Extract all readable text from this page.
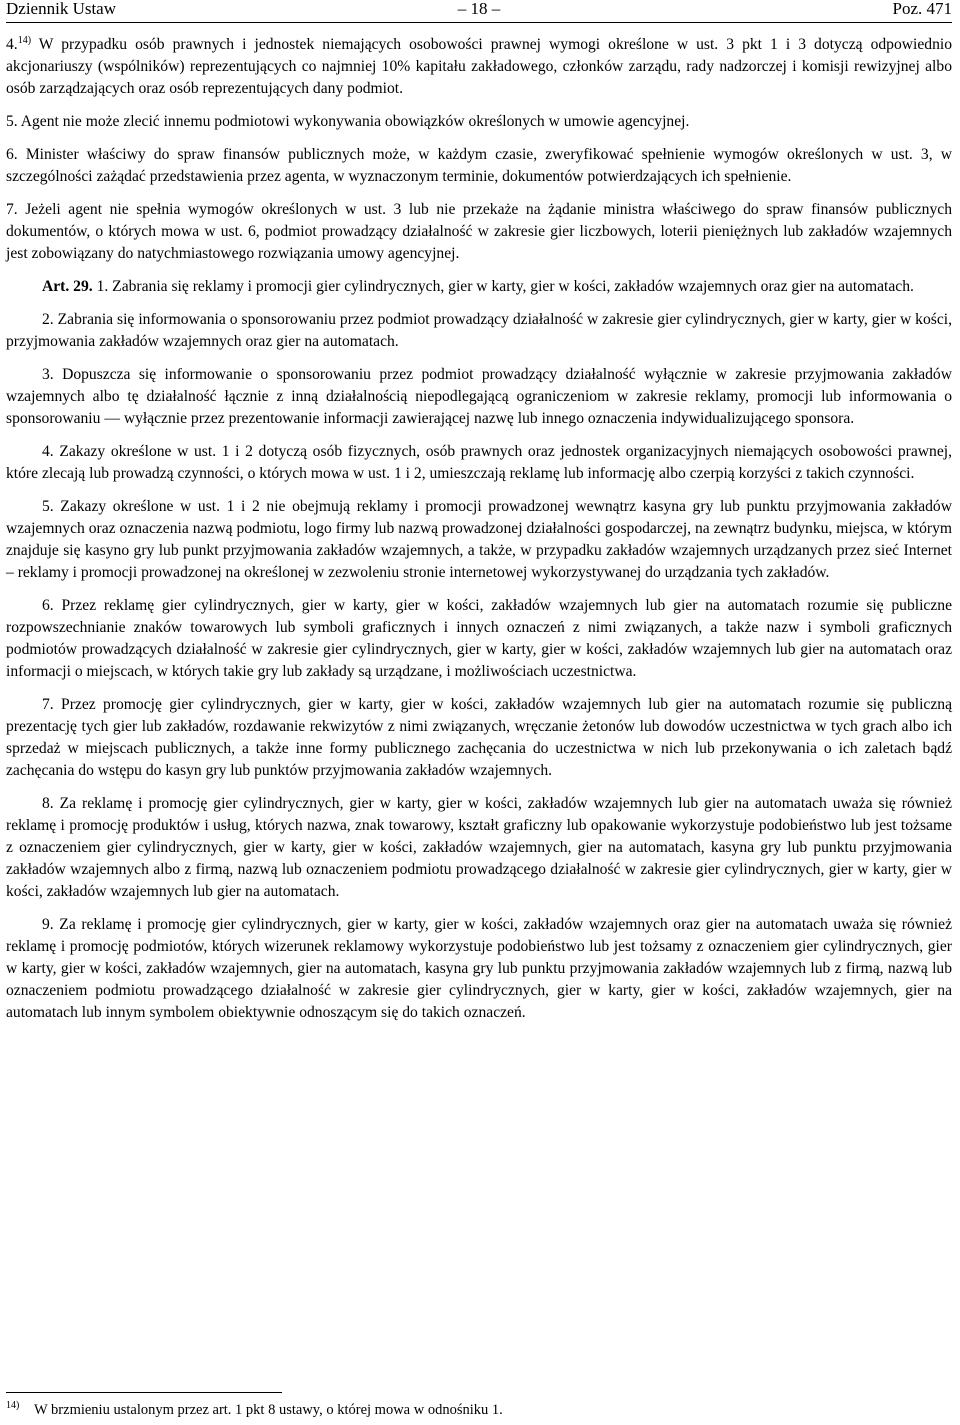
Dziennik Ustaw	– 18 –	Poz. 471

4.$^{14)}$ W przypadku osób prawnych i jednostek niemających osobowości prawnej wymogi określone w ust. 3 pkt 1 i 3 dotyczą odpowiednio akcjonariuszy (wspólników) reprezentujących co najmniej 10% kapitału zakładowego, członków zarządu, rady nadzorczej i komisji rewizyjnej albo osób zarządzających oraz osób reprezentujących dany podmiot.

5. Agent nie może zlecić innemu podmiotowi wykonywania obowiązków określonych w umowie agencyjnej.

6. Minister właściwy do spraw finansów publicznych może, w każdym czasie, zweryfikować spełnienie wymogów określonych w ust. 3, w szczególności zażądać przedstawienia przez agenta, w wyznaczonym terminie, dokumentów potwierdzających ich spełnienie.

7. Jeżeli agent nie spełnia wymogów określonych w ust. 3 lub nie przekaże na żądanie ministra właściwego do spraw finansów publicznych dokumentów, o których mowa w ust. 6, podmiot prowadzący działalność w zakresie gier liczbowych, loterii pieniężnych lub zakładów wzajemnych jest zobowiązany do natychmiastowego rozwiązania umowy agencyjnej.

Art. 29. 1. Zabrania się reklamy i promocji gier cylindrycznych, gier w karty, gier w kości, zakładów wzajemnych oraz gier na automatach.

2. Zabrania się informowania o sponsorowaniu przez podmiot prowadzący działalność w zakresie gier cylindrycznych, gier w karty, gier w kości, przyjmowania zakładów wzajemnych oraz gier na automatach.

3. Dopuszcza się informowanie o sponsorowaniu przez podmiot prowadzący działalność wyłącznie w zakresie przyjmowania zakładów wzajemnych albo tę działalność łącznie z inną działalnością niepodlegającą ograniczeniom w zakresie reklamy, promocji lub informowania o sponsorowaniu — wyłącznie przez prezentowanie informacji zawierającej nazwę lub innego oznaczenia indywidualizującego sponsora.

4. Zakazy określone w ust. 1 i 2 dotyczą osób fizycznych, osób prawnych oraz jednostek organizacyjnych niemających osobowości prawnej, które zlecają lub prowadzą czynności, o których mowa w ust. 1 i 2, umieszczają reklamę lub informację albo czerpią korzyści z takich czynności.

5. Zakazy określone w ust. 1 i 2 nie obejmują reklamy i promocji prowadzonej wewnątrz kasyna gry lub punktu przyjmowania zakładów wzajemnych oraz oznaczenia nazwą podmiotu, logo firmy lub nazwą prowadzonej działalności gospodarczej, na zewnątrz budynku, miejsca, w którym znajduje się kasyno gry lub punkt przyjmowania zakładów wzajemnych, a także, w przypadku zakładów wzajemnych urządzanych przez sieć Internet – reklamy i promocji prowadzonej na określonej w zezwoleniu stronie internetowej wykorzystywanej do urządzania tych zakładów.

6. Przez reklamę gier cylindrycznych, gier w karty, gier w kości, zakładów wzajemnych lub gier na automatach rozumie się publiczne rozpowszechnianie znaków towarowych lub symboli graficznych i innych oznaczeń z nimi związanych, a także nazw i symboli graficznych podmiotów prowadzących działalność w zakresie gier cylindrycznych, gier w karty, gier w kości, zakładów wzajemnych lub gier na automatach oraz informacji o miejscach, w których takie gry lub zakłady są urządzane, i możliwościach uczestnictwa.

7. Przez promocję gier cylindrycznych, gier w karty, gier w kości, zakładów wzajemnych lub gier na automatach rozumie się publiczną prezentację tych gier lub zakładów, rozdawanie rekwizytów z nimi związanych, wręczanie żetonów lub dowodów uczestnictwa w tych grach albo ich sprzedaż w miejscach publicznych, a także inne formy publicznego zachęcania do uczestnictwa w nich lub przekonywania o ich zaletach bądź zachęcania do wstępu do kasyn gry lub punktów przyjmowania zakładów wzajemnych.

8. Za reklamę i promocję gier cylindrycznych, gier w karty, gier w kości, zakładów wzajemnych lub gier na automatach uważa się również reklamę i promocję produktów i usług, których nazwa, znak towarowy, kształt graficzny lub opakowanie wykorzystuje podobieństwo lub jest tożsame z oznaczeniem gier cylindrycznych, gier w karty, gier w kości, zakładów wzajemnych, gier na automatach, kasyna gry lub punktu przyjmowania zakładów wzajemnych albo z firmą, nazwą lub oznaczeniem podmiotu prowadzącego działalność w zakresie gier cylindrycznych, gier w karty, gier w kości, zakładów wzajemnych lub gier na automatach.

9. Za reklamę i promocję gier cylindrycznych, gier w karty, gier w kości, zakładów wzajemnych oraz gier na automatach uważa się również reklamę i promocję podmiotów, których wizerunek reklamowy wykorzystuje podobieństwo lub jest tożsamy z oznaczeniem gier cylindrycznych, gier w karty, gier w kości, zakładów wzajemnych, gier na automatach, kasyna gry lub punktu przyjmowania zakładów wzajemnych lub z firmą, nazwą lub oznaczeniem podmiotu prowadzącego działalność w zakresie gier cylindrycznych, gier w karty, gier w kości, zakładów wzajemnych, gier na automatach lub innym symbolem obiektywnie odnoszącym się do takich oznaczeń.

14) W brzmieniu ustalonym przez art. 1 pkt 8 ustawy, o której mowa w odnośniku 1.
